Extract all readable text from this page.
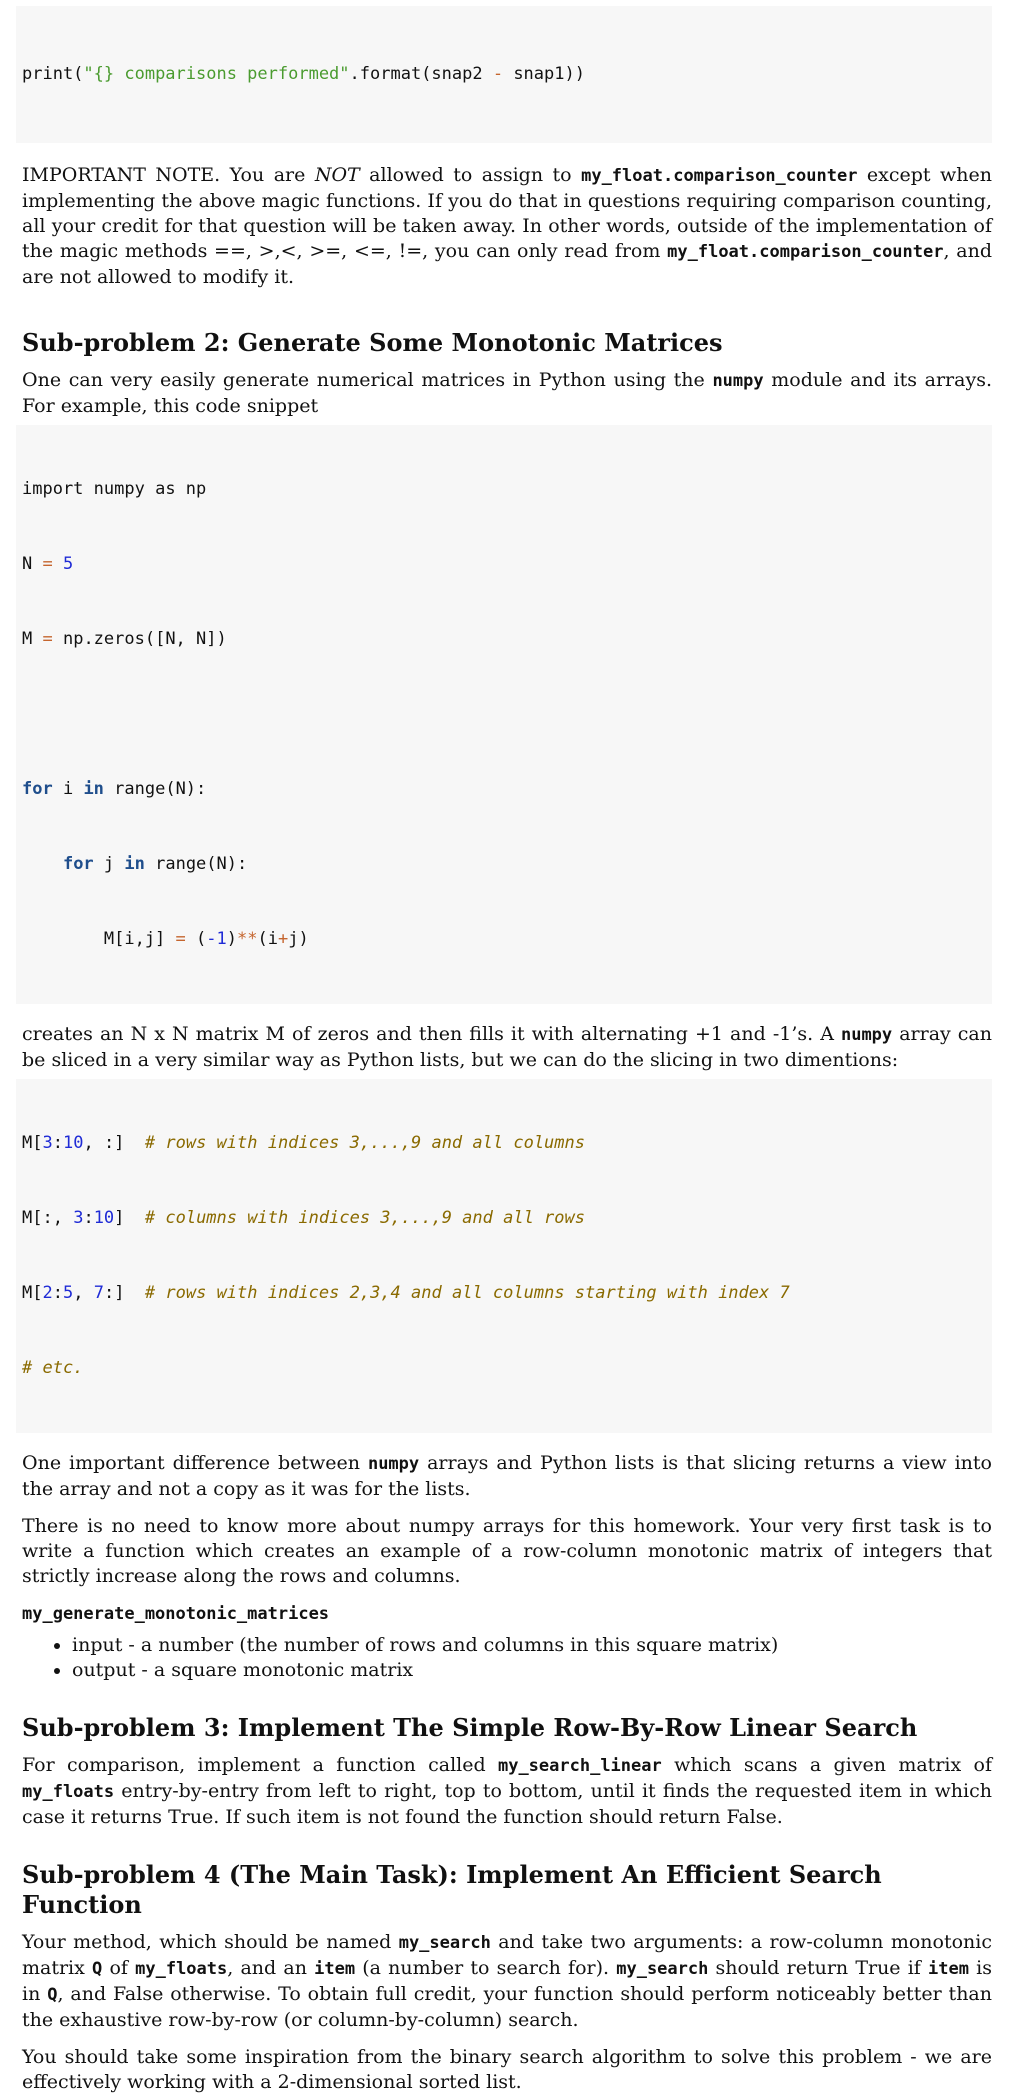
print("{} comparisons performed".format(snap2 - snap1))

IMPORTANT NOTE. You are NOT allowed to assign to my_float.comparison_counter except when implementing the above magic functions. If you do that in questions requiring comparison counting, all your credit for that question will be taken away. In other words, outside of the implementation of the magic methods ==, >,<, >=, <=, !=, you can only read from my_float.comparison_counter, and are not allowed to modify it.

Sub-problem 2: Generate Some Monotonic Matrices

One can very easily generate numerical matrices in Python using the numpy module and its arrays. For example, this code snippet

import numpy as np

N = 5

M = np.zeros([N, N])

for i in range(N):

for j in range(N):

M[i,j] = (-1)**(i+j)

creates an N x N matrix M of zeros and then fills it with alternating +1 and -1’s. A numpy array can be sliced in a very similar way as Python lists, but we can do the slicing in two dimentions:

M[3:10, :]  # rows with indices 3,...,9 and all columns

M[:, 3:10]  # columns with indices 3,...,9 and all rows

M[2:5, 7:]  # rows with indices 2,3,4 and all columns starting with index 7

# etc.

One important difference between numpy arrays and Python lists is that slicing returns a view into the array and not a copy as it was for the lists.

There is no need to know more about numpy arrays for this homework. Your very first task is to write a function which creates an example of a row-column monotonic matrix of integers that strictly increase along the rows and columns.

my_generate_monotonic_matrices

• input - a number (the number of rows and columns in this square matrix)
• output - a square monotonic matrix
Sub-problem 3: Implement The Simple Row-By-Row Linear Search

For comparison, implement a function called my_search_linear which scans a given matrix of my_floats entry-by-entry from left to right, top to bottom, until it finds the requested item in which case it returns True. If such item is not found the function should return False.

Sub-problem 4 (The Main Task): Implement An Efficient Search Function

Your method, which should be named my_search and take two arguments: a row-column monotonic matrix Q of my_floats, and an item (a number to search for). my_search should return True if item is in Q, and False otherwise. To obtain full credit, your function should perform noticeably better than the exhaustive row-by-row (or column-by-column) search.

You should take some inspiration from the binary search algorithm to solve this problem - we are effectively working with a 2-dimensional sorted list.
